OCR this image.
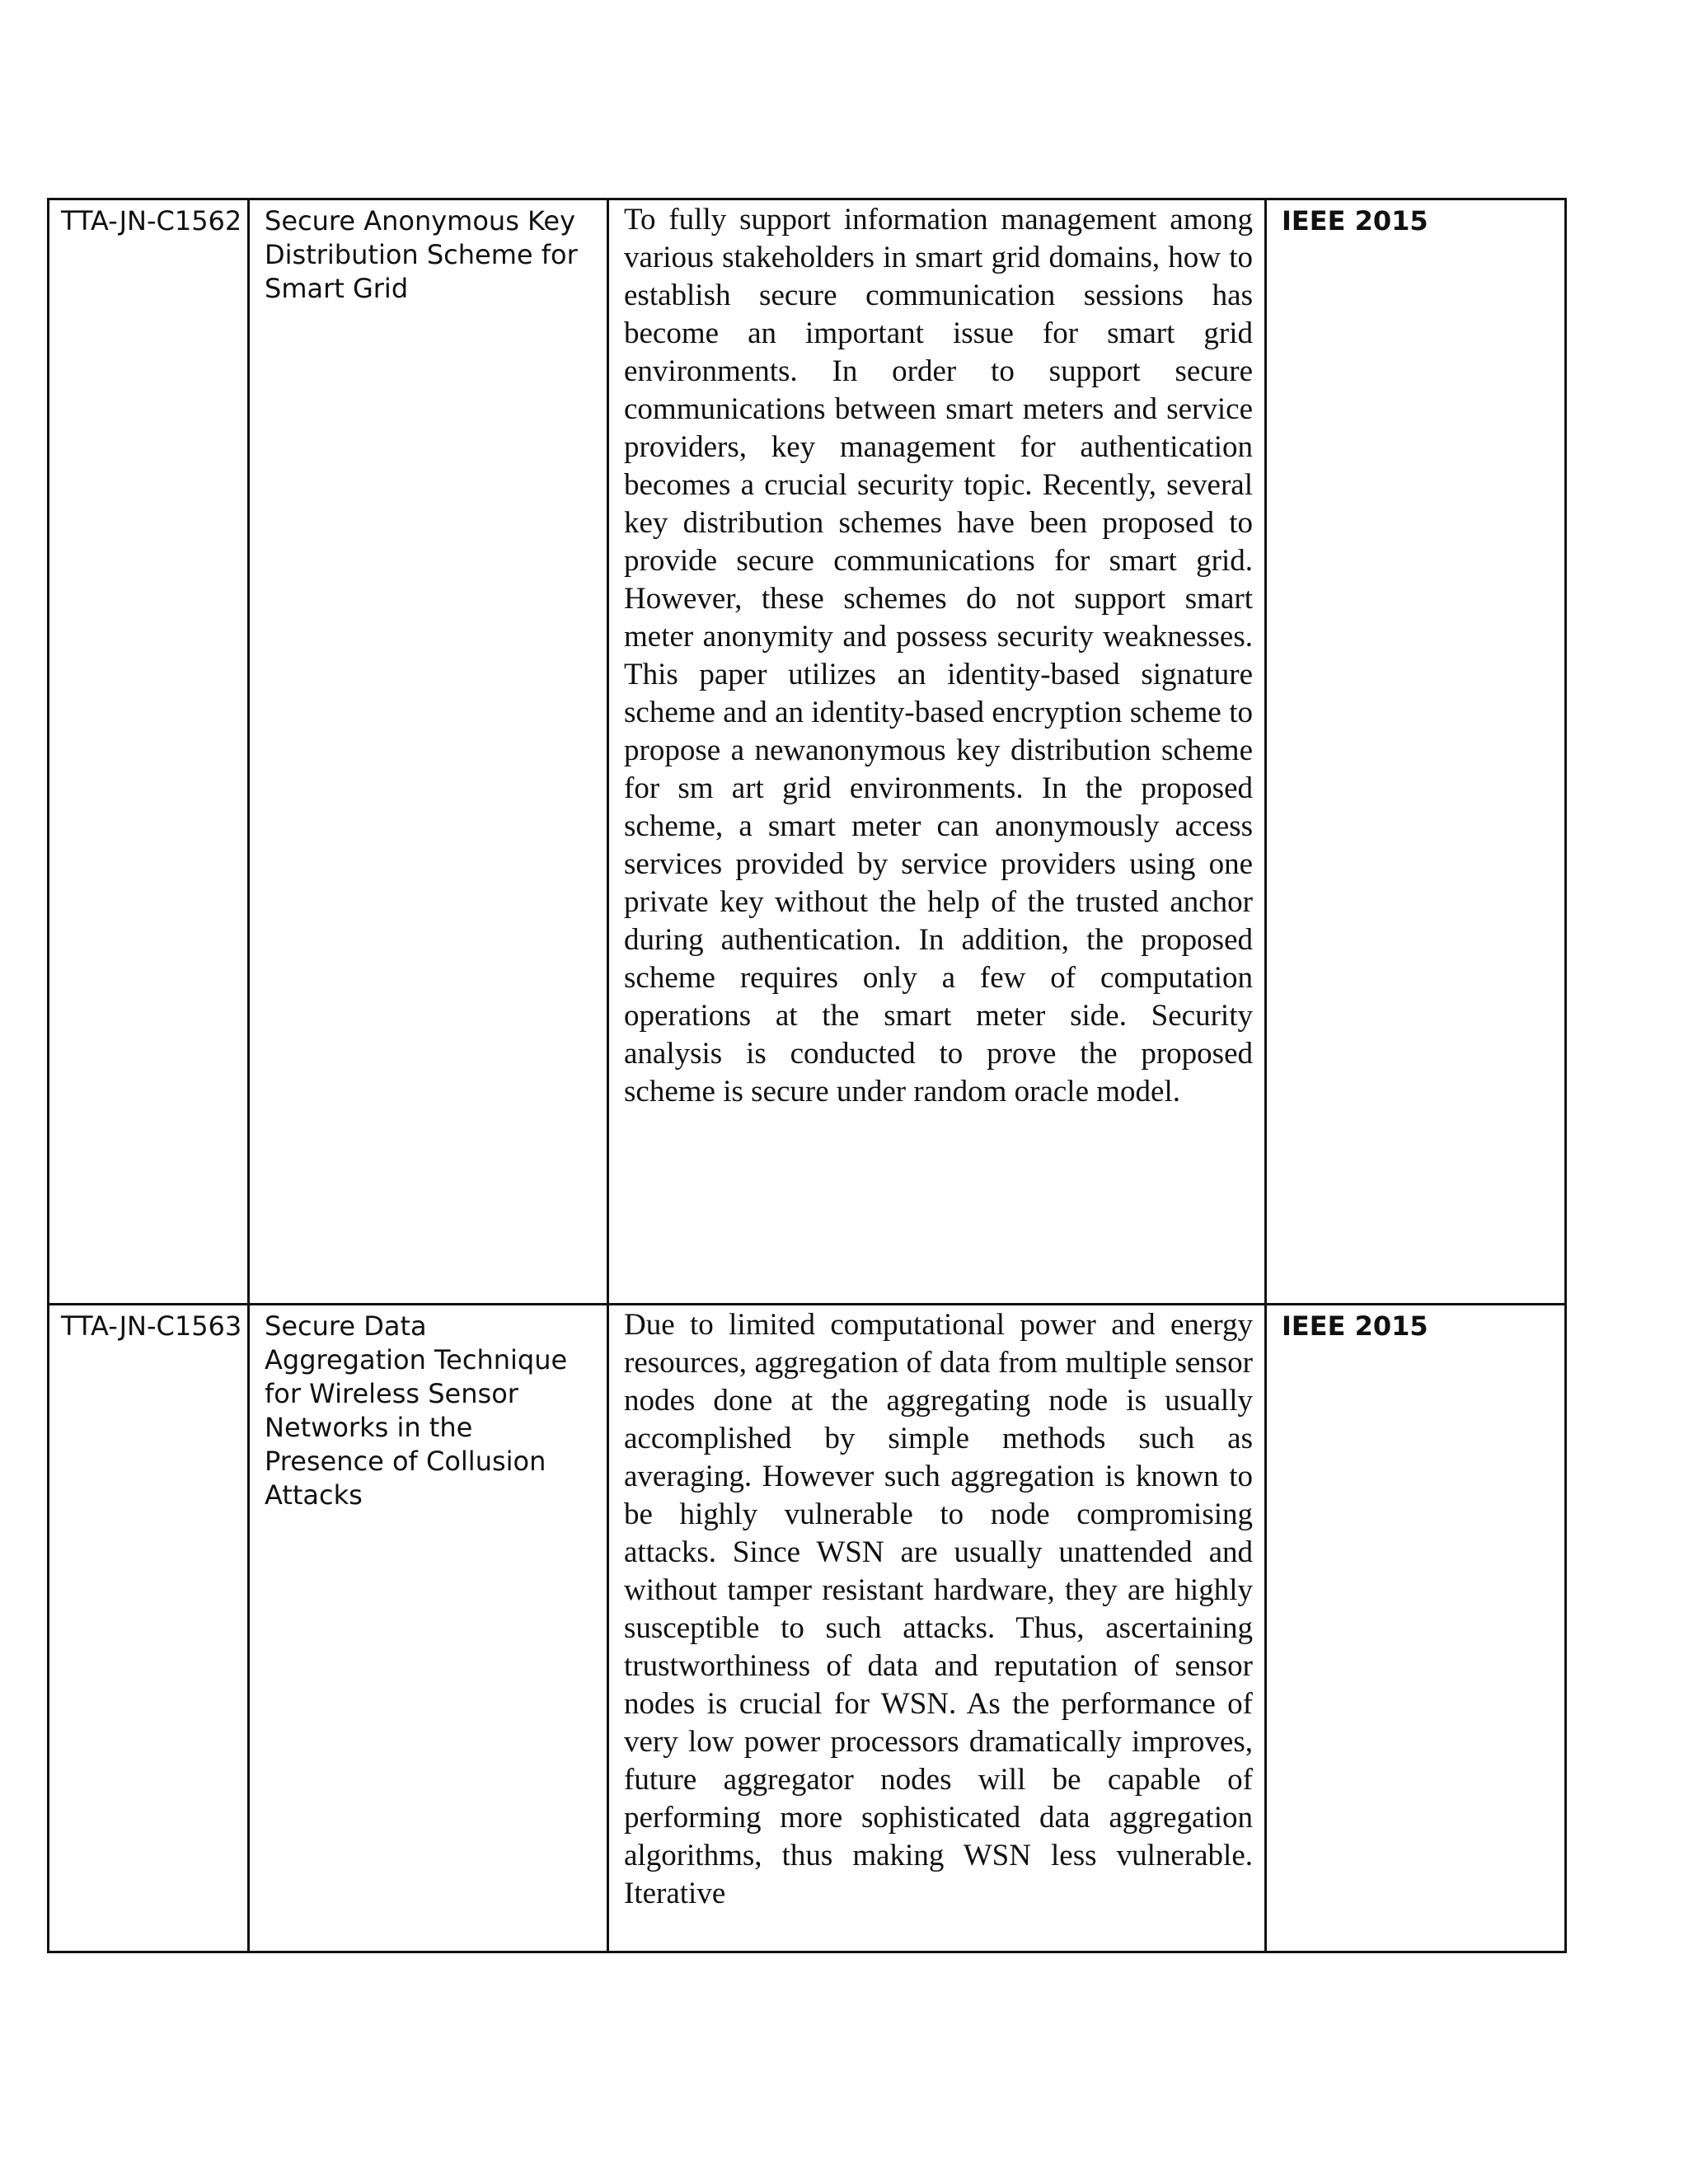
TTA-JN-C1562	Secure Anonymous Key Distribution Scheme for Smart Grid	To fully support information management among various stakeholders in smart grid domains, how to establish secure communication sessions has become an important issue for smart grid environments. In order to support secure communications between smart meters and service providers, key management for authentication becomes a crucial security topic. Recently, several key distribution schemes have been proposed to provide secure communications for smart grid. However, these schemes do not support smart meter anonymity and possess security weaknesses. This paper utilizes an identity-based signature scheme and an identity-based encryption scheme to propose a newanonymous key distribution scheme for sm art grid environments. In the proposed scheme, a smart meter can anonymously access services provided by service providers using one private key without the help of the trusted anchor during authentication. In addition, the proposed scheme requires only a few of computation operations at the smart meter side. Security analysis is conducted to prove the proposed scheme is secure under random oracle model.	IEEE 2015

TTA-JN-C1563	Secure Data Aggregation Technique for Wireless Sensor Networks in the Presence of Collusion Attacks	Due to limited computational power and energy resources, aggregation of data from multiple sensor nodes done at the aggregating node is usually accomplished by simple methods such as averaging. However such aggregation is known to be highly vulnerable to node compromising attacks. Since WSN are usually unattended and without tamper resistant hardware, they are highly susceptible to such attacks. Thus, ascertaining trustworthiness of data and reputation of sensor nodes is crucial for WSN. As the performance of very low power processors dramatically improves, future aggregator nodes will be capable of performing more sophisticated data aggregation algorithms, thus making WSN less vulnerable. Iterative	IEEE 2015
